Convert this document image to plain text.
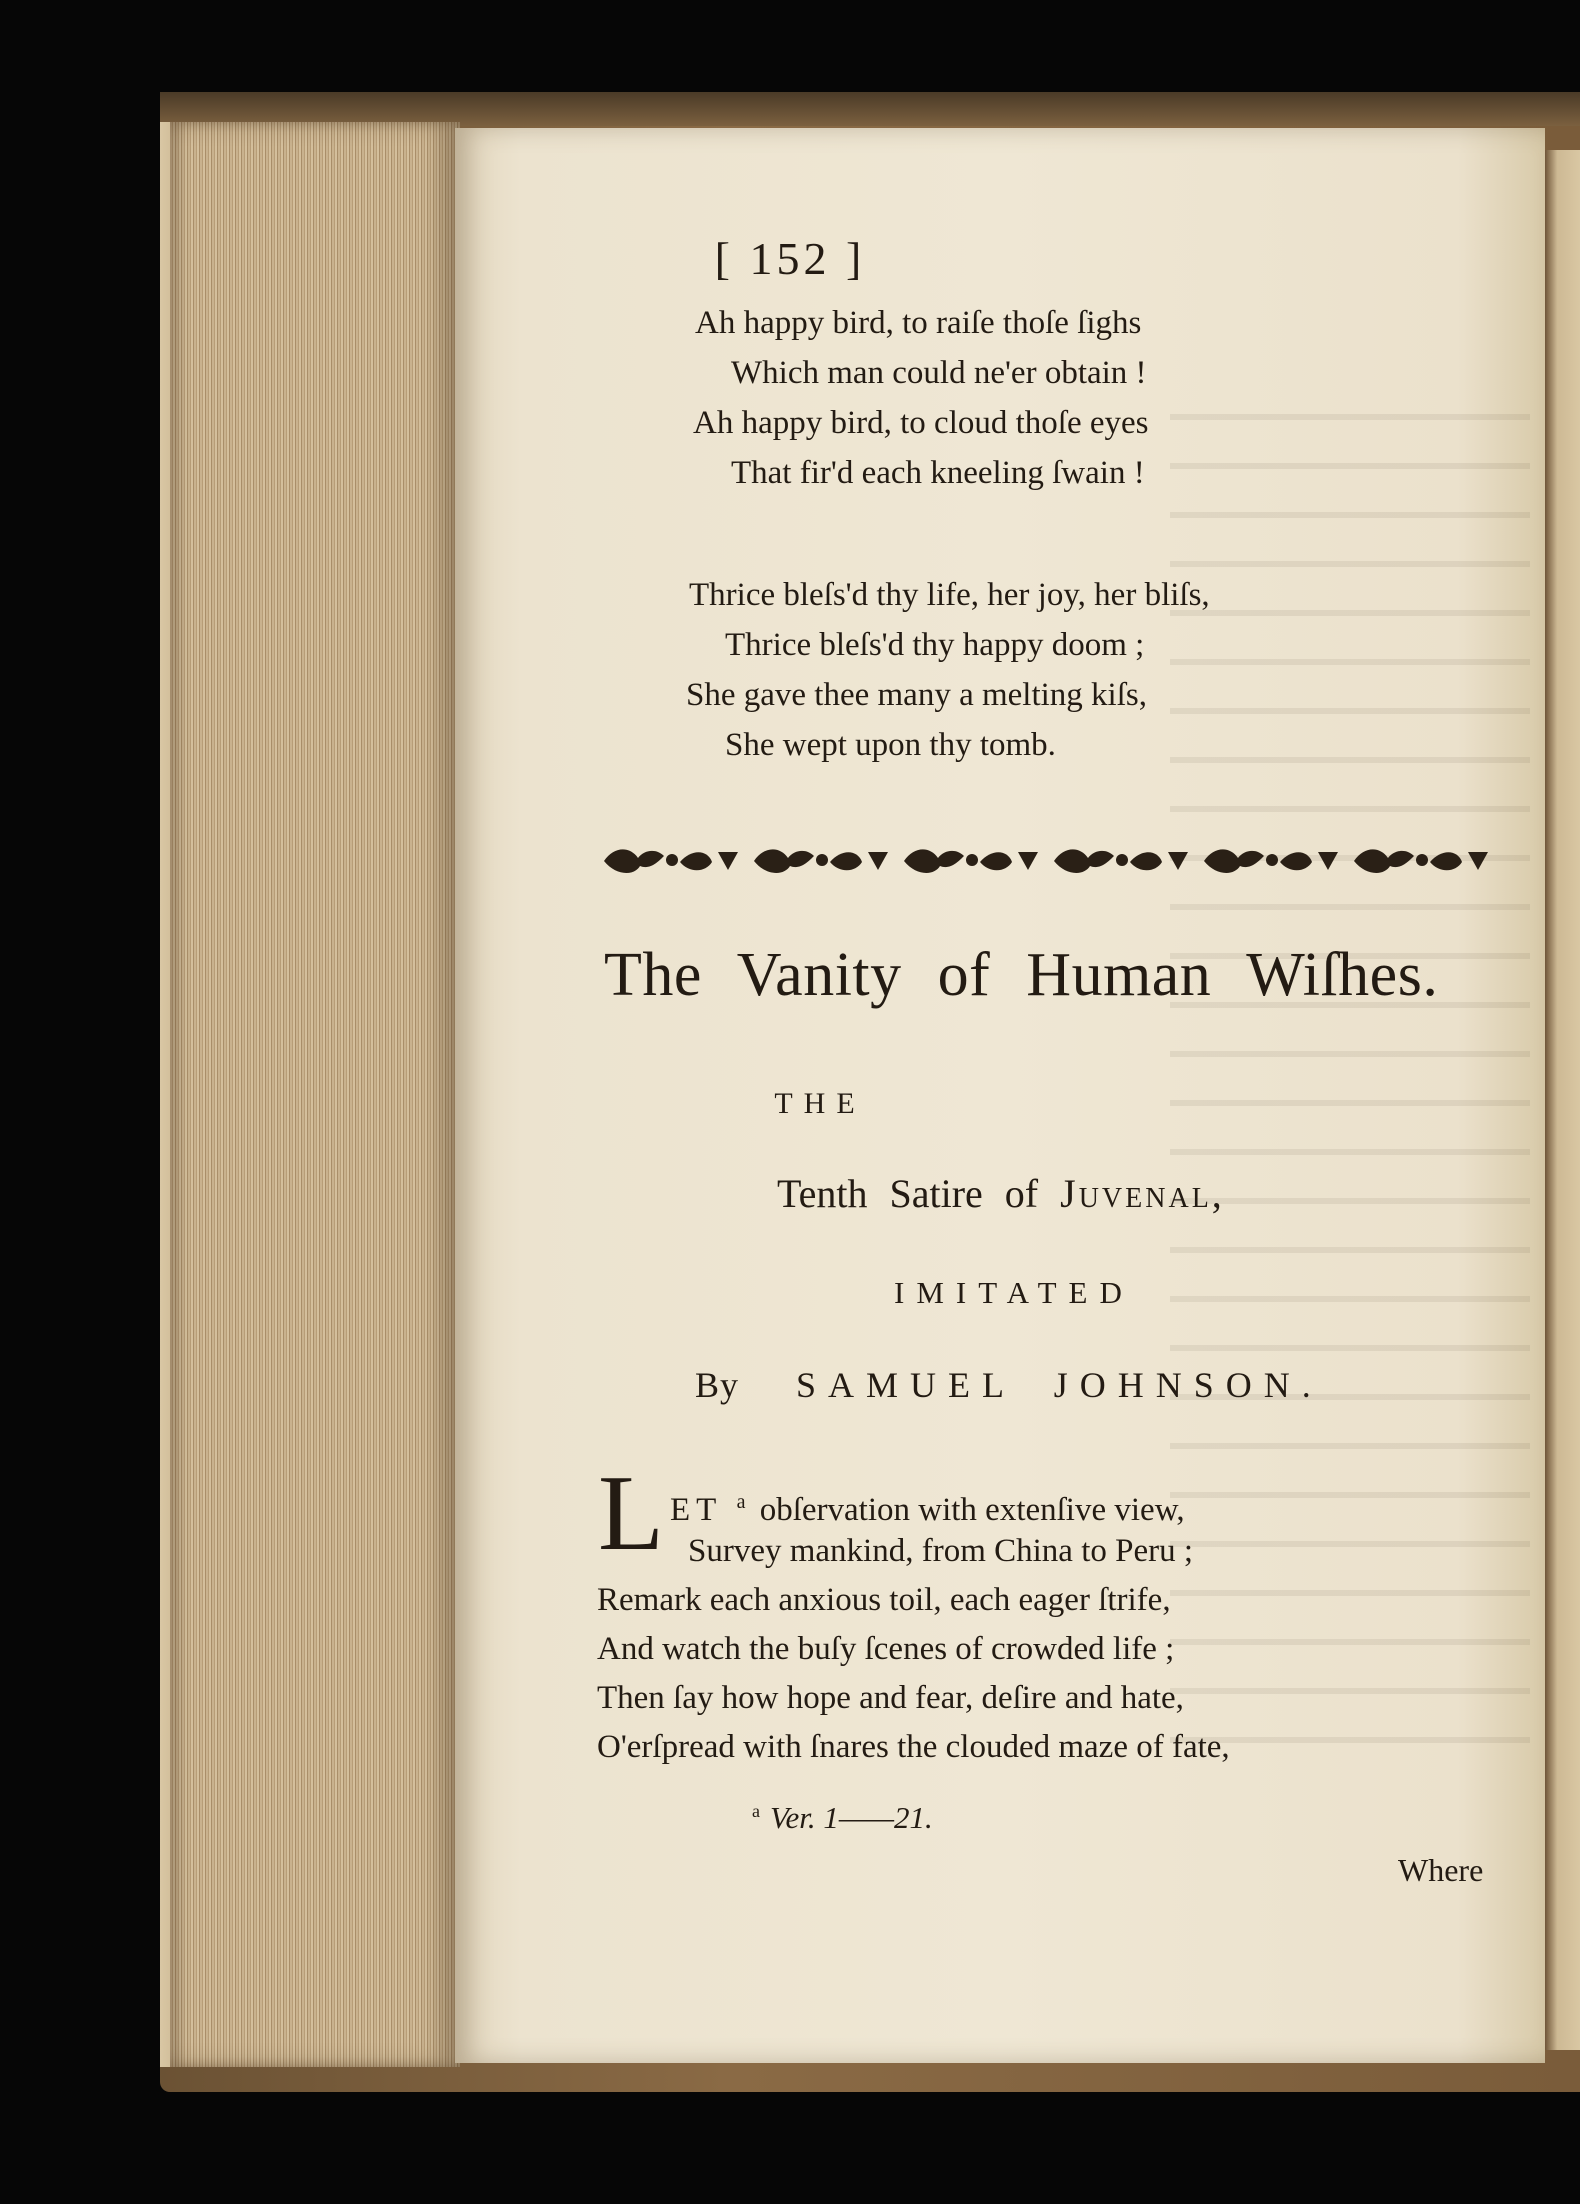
[ 152 ]
Ah happy bird, to raiſe thoſe ſighs
Which man could ne'er obtain !
Ah happy bird, to cloud thoſe eyes
That fir'd each kneeling ſwain !
Thrice bleſs'd thy life, her joy, her bliſs,
Thrice bleſs'd thy happy doom ;
She gave thee many a melting kiſs,
She wept upon thy tomb.
The Vanity of Human Wiſhes.
THE
Tenth Satire of Juvenal,
IMITATED
By SAMUEL JOHNSON.
L ET $^a$ obſervation with extenſive view,
Survey mankind, from China to Peru ;
Remark each anxious toil, each eager ſtrife,
And watch the buſy ſcenes of crowded life ;
Then ſay how hope and fear, deſire and hate,
O'erſpread with ſnares the clouded maze of fate,
$^a$ Ver. 1——21.
Where
